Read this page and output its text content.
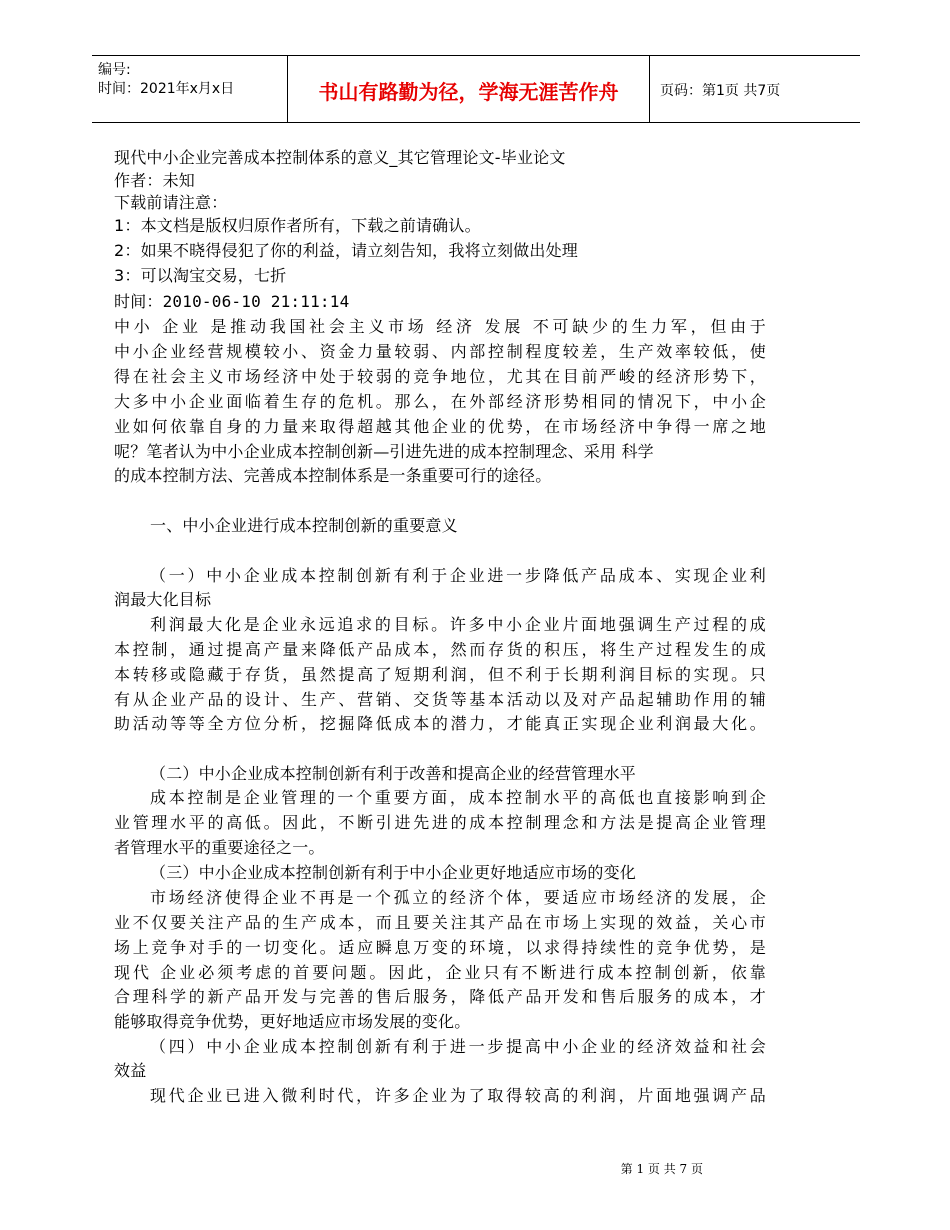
编号:
时间：2021年x月x日	书山有路勤为径，学海无涯苦作舟	页码：第1页 共7页
现代中小企业完善成本控制体系的意义_其它管理论文-毕业论文
作者：未知
下载前请注意：
1：本文档是版权归原作者所有，下载之前请确认。
2：如果不晓得侵犯了你的利益，请立刻告知，我将立刻做出处理
3：可以淘宝交易，七折
时间：2010-06-10 21:11:14
中小 企业 是推动我国社会主义市场 经济 发展 不可缺少的生力军，但由于
中小企业经营规模较小、资金力量较弱、内部控制程度较差，生产效率较低，使
得在社会主义市场经济中处于较弱的竞争地位，尤其在目前严峻的经济形势下，
大多中小企业面临着生存的危机。那么，在外部经济形势相同的情况下，中小企
业如何依靠自身的力量来取得超越其他企业的优势，在市场经济中争得一席之地
呢？笔者认为中小企业成本控制创新—引进先进的成本控制理念、采用 科学
的成本控制方法、完善成本控制体系是一条重要可行的途径。
一、中小企业进行成本控制创新的重要意义
（一）中小企业成本控制创新有利于企业进一步降低产品成本、实现企业利
润最大化目标
利润最大化是企业永远追求的目标。许多中小企业片面地强调生产过程的成
本控制，通过提高产量来降低产品成本，然而存货的积压，将生产过程发生的成
本转移或隐藏于存货，虽然提高了短期利润，但不利于长期利润目标的实现。只
有从企业产品的设计、生产、营销、交货等基本活动以及对产品起辅助作用的辅
助活动等等全方位分析，挖掘降低成本的潜力，才能真正实现企业利润最大化。
（二）中小企业成本控制创新有利于改善和提高企业的经营管理水平
成本控制是企业管理的一个重要方面，成本控制水平的高低也直接影响到企
业管理水平的高低。因此，不断引进先进的成本控制理念和方法是提高企业管理
者管理水平的重要途径之一。
（三）中小企业成本控制创新有利于中小企业更好地适应市场的变化
市场经济使得企业不再是一个孤立的经济个体，要适应市场经济的发展，企
业不仅要关注产品的生产成本，而且要关注其产品在市场上实现的效益，关心市
场上竞争对手的一切变化。适应瞬息万变的环境，以求得持续性的竞争优势，是
现代 企业必须考虑的首要问题。因此，企业只有不断进行成本控制创新，依靠
合理科学的新产品开发与完善的售后服务，降低产品开发和售后服务的成本，才
能够取得竞争优势，更好地适应市场发展的变化。
（四）中小企业成本控制创新有利于进一步提高中小企业的经济效益和社会
效益
现代企业已进入微利时代，许多企业为了取得较高的利润，片面地强调产品
第 1 页 共 7 页
